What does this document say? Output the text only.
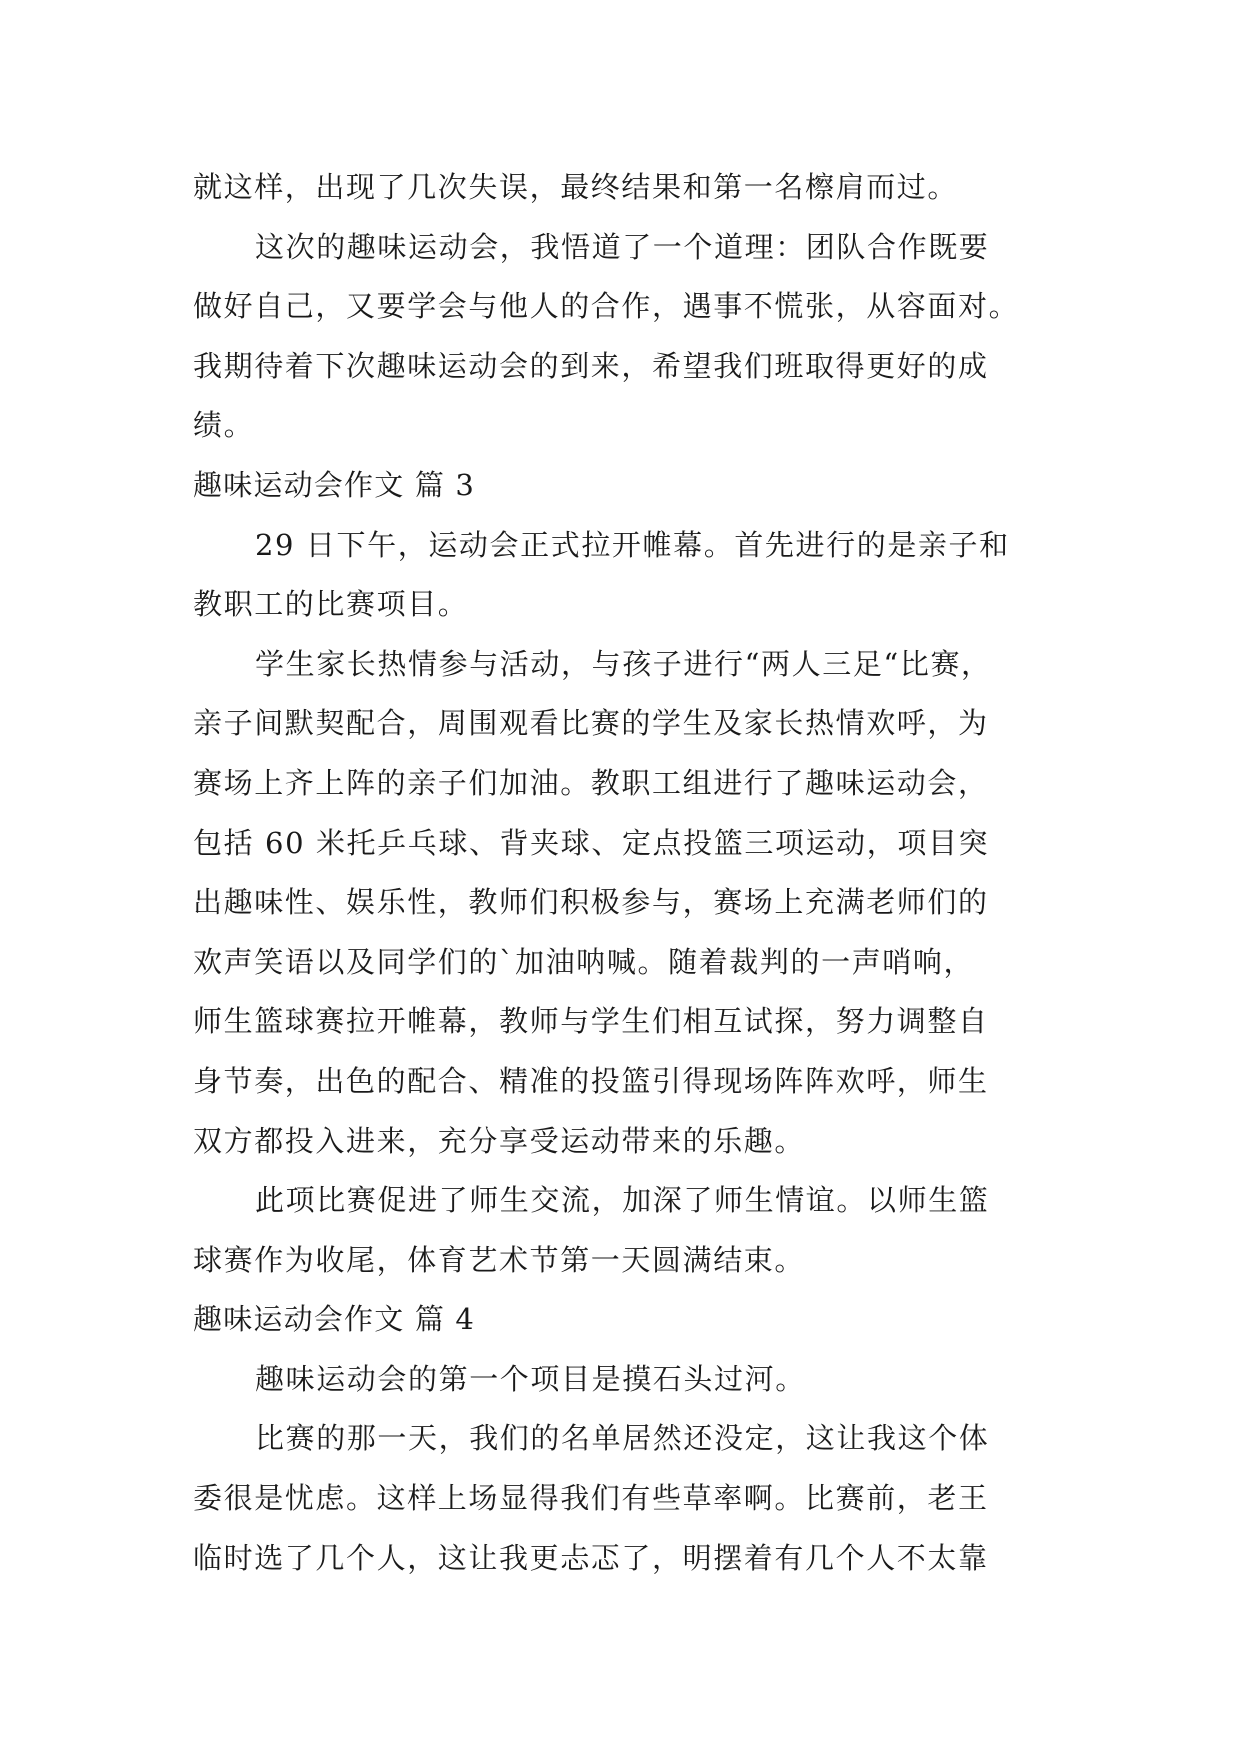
就这样，出现了几次失误，最终结果和第一名檫肩而过。
这次的趣味运动会，我悟道了一个道理：团队合作既要
做好自己，又要学会与他人的合作，遇事不慌张，从容面对。
我期待着下次趣味运动会的到来，希望我们班取得更好的成
绩。
趣味运动会作文 篇 3
29 日下午，运动会正式拉开帷幕。首先进行的是亲子和
教职工的比赛项目。
学生家长热情参与活动，与孩子进行“两人三足“比赛，
亲子间默契配合，周围观看比赛的学生及家长热情欢呼，为
赛场上齐上阵的亲子们加油。教职工组进行了趣味运动会，
包括 60 米托乒乓球、背夹球、定点投篮三项运动，项目突
出趣味性、娱乐性，教师们积极参与，赛场上充满老师们的
欢声笑语以及同学们的`加油呐喊。随着裁判的一声哨响，
师生篮球赛拉开帷幕，教师与学生们相互试探，努力调整自
身节奏，出色的配合、精准的投篮引得现场阵阵欢呼，师生
双方都投入进来，充分享受运动带来的乐趣。
此项比赛促进了师生交流，加深了师生情谊。以师生篮
球赛作为收尾，体育艺术节第一天圆满结束。
趣味运动会作文 篇 4
趣味运动会的第一个项目是摸石头过河。
比赛的那一天，我们的名单居然还没定，这让我这个体
委很是忧虑。这样上场显得我们有些草率啊。比赛前，老王
临时选了几个人，这让我更忐忑了，明摆着有几个人不太靠
